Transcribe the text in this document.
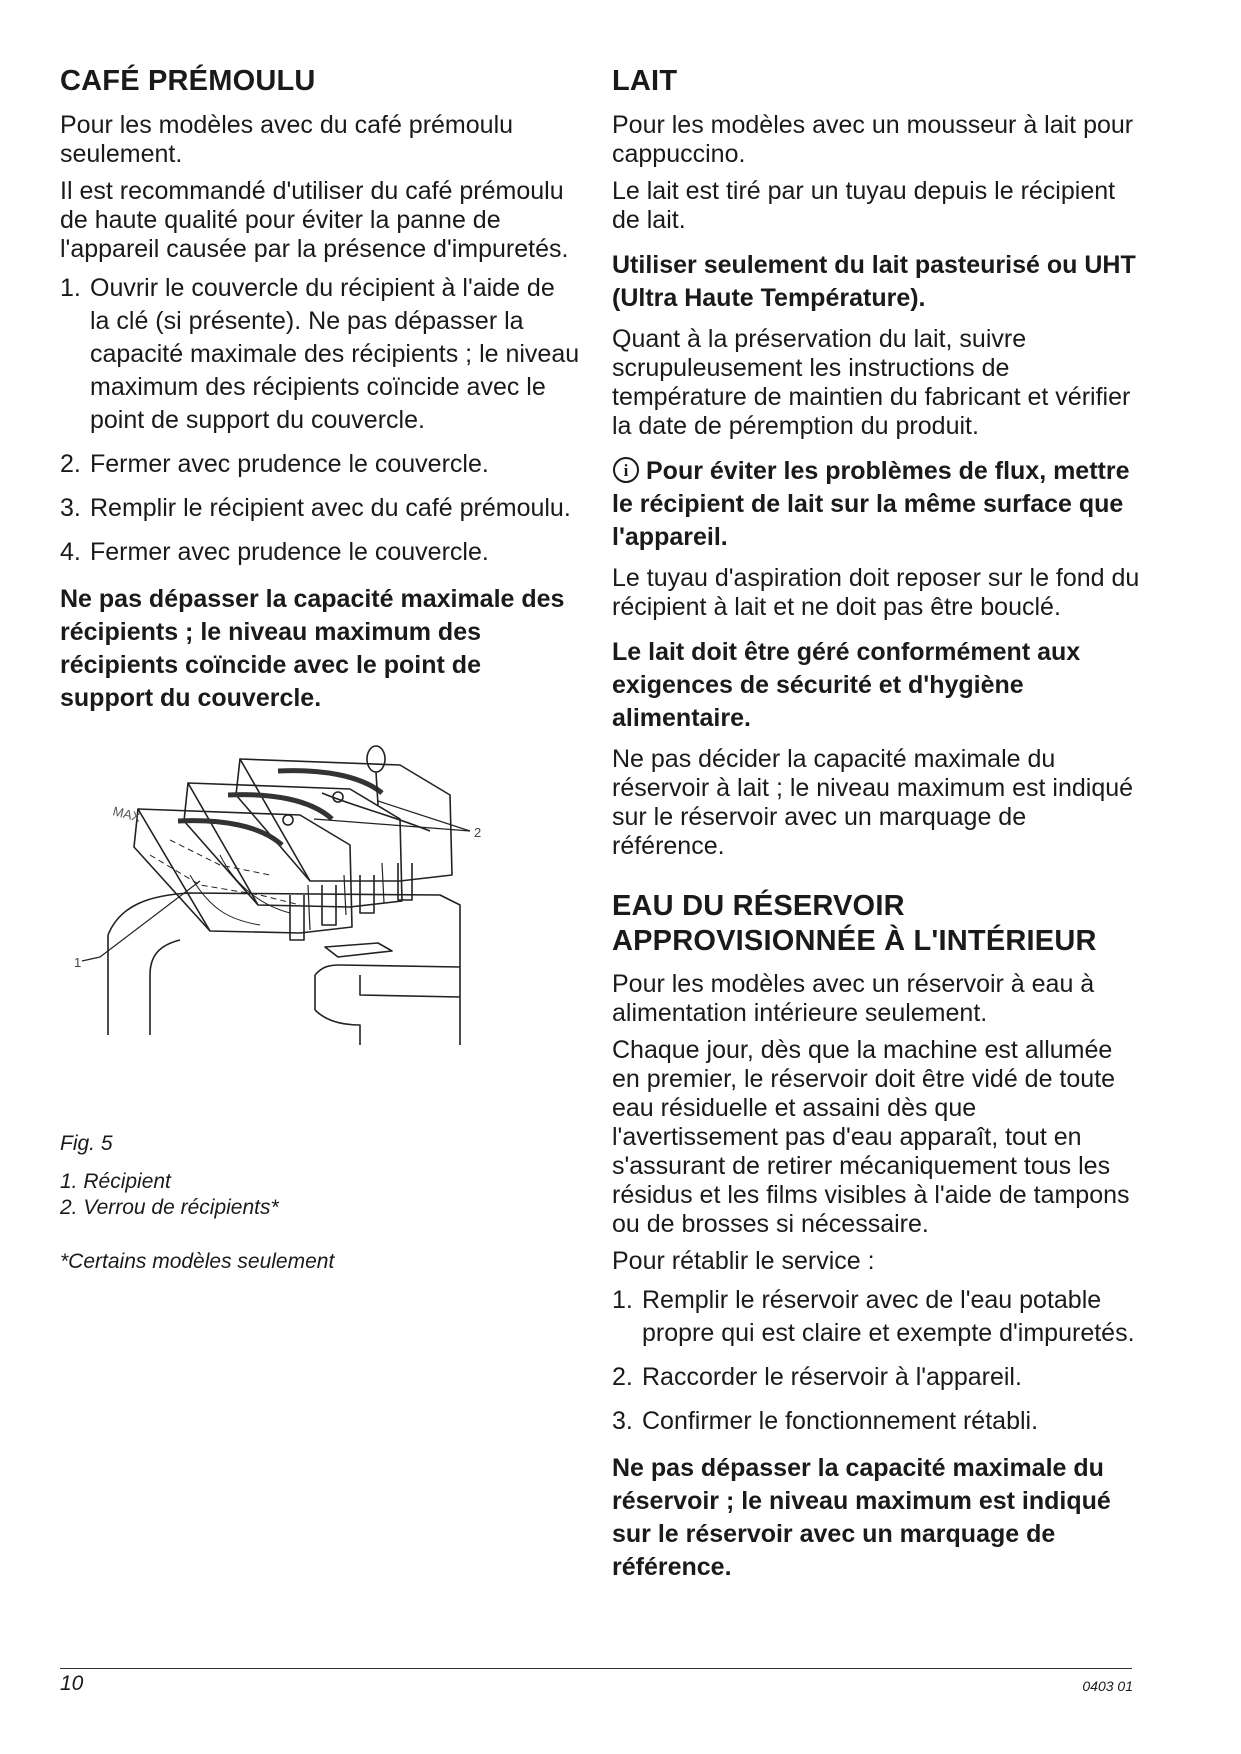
CAFÉ PRÉMOULU

Pour les modèles avec du café prémoulu seulement.

Il est recommandé d'utiliser du café prémoulu de haute qualité pour éviter la panne de l'appareil causée par la présence d'impuretés.

1. Ouvrir le couvercle du récipient à l'aide de la clé (si présente). Ne pas dépasser la capacité maximale des récipients ; le niveau maximum des récipients coïncide avec le point de support du couvercle.
2. Fermer avec prudence le couvercle.
3. Remplir le récipient avec du café prémoulu.
4. Fermer avec prudence le couvercle.

Ne pas dépasser la capacité maximale des récipients ; le niveau maximum des récipients coïncide avec le point de support du couvercle.

1
2
MAX

Fig. 5

1. Récipient
2. Verrou de récipients*

*Certains modèles seulement

LAIT

Pour les modèles avec un mousseur à lait pour cappuccino.

Le lait est tiré par un tuyau depuis le récipient de lait.

Utiliser seulement du lait pasteurisé ou UHT (Ultra Haute Température).

Quant à la préservation du lait, suivre scrupuleusement les instructions de température de maintien du fabricant et vérifier la date de péremption du produit.

i Pour éviter les problèmes de flux, mettre le récipient de lait sur la même surface que l'appareil.

Le tuyau d'aspiration doit reposer sur le fond du récipient à lait et ne doit pas être bouclé.

Le lait doit être géré conformément aux exigences de sécurité et d'hygiène alimentaire.

Ne pas décider la capacité maximale du réservoir à lait ; le niveau maximum est indiqué sur le réservoir avec un marquage de référence.

EAU DU RÉSERVOIR
APPROVISIONNÉE À L'INTÉRIEUR

Pour les modèles avec un réservoir à eau à alimentation intérieure seulement.

Chaque jour, dès que la machine est allumée en premier, le réservoir doit être vidé de toute eau résiduelle et assaini dès que l'avertissement pas d'eau apparaît, tout en s'assurant de retirer mécaniquement tous les résidus et les films visibles à l'aide de tampons ou de brosses si nécessaire.

Pour rétablir le service :

1. Remplir le réservoir avec de l'eau potable propre qui est claire et exempte d'impuretés.
2. Raccorder le réservoir à l'appareil.
3. Confirmer le fonctionnement rétabli.

Ne pas dépasser la capacité maximale du réservoir ; le niveau maximum est indiqué sur le réservoir avec un marquage de référence.

10	0403 01
